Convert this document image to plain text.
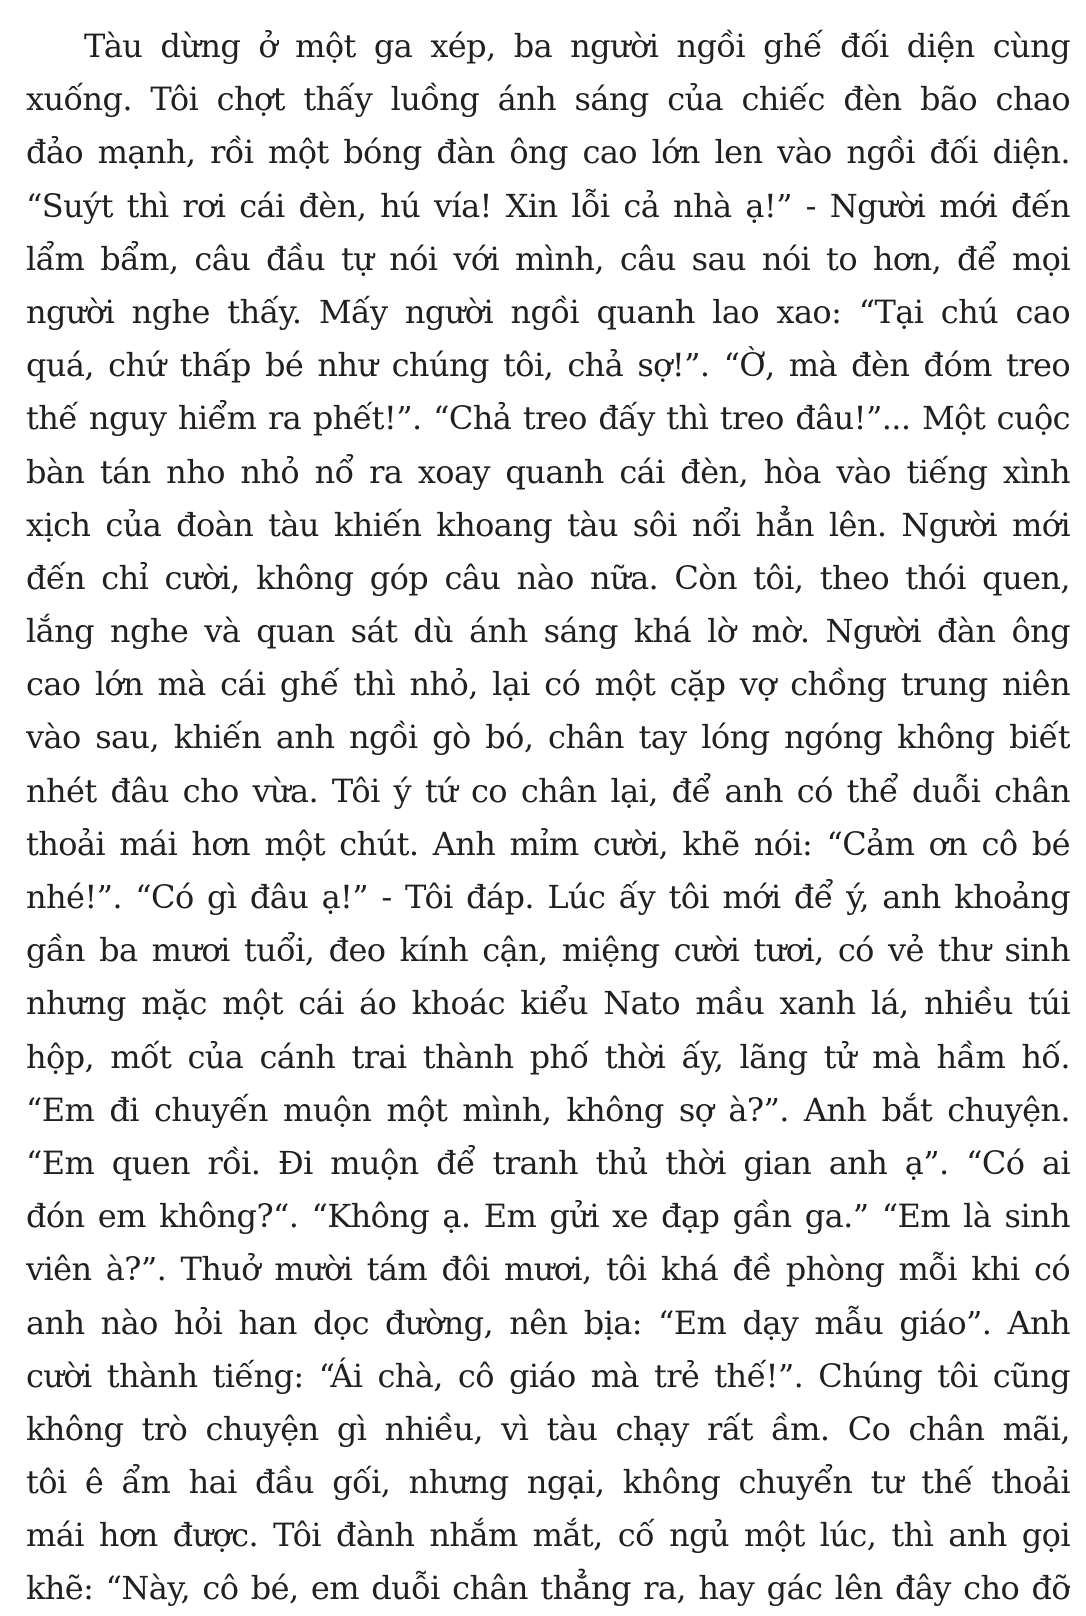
Tàu dừng ở một ga xép, ba người ngồi ghế đối diện cùng
xuống. Tôi chợt thấy luồng ánh sáng của chiếc đèn bão chao
đảo mạnh, rồi một bóng đàn ông cao lớn len vào ngồi đối diện.
“Suýt thì rơi cái đèn, hú vía! Xin lỗi cả nhà ạ!” - Người mới đến
lẩm bẩm, câu đầu tự nói với mình, câu sau nói to hơn, để mọi
người nghe thấy. Mấy người ngồi quanh lao xao: “Tại chú cao
quá, chứ thấp bé như chúng tôi, chả sợ!”. “Ờ, mà đèn đóm treo
thế nguy hiểm ra phết!”. “Chả treo đấy thì treo đâu!”... Một cuộc
bàn tán nho nhỏ nổ ra xoay quanh cái đèn, hòa vào tiếng xình
xịch của đoàn tàu khiến khoang tàu sôi nổi hẳn lên. Người mới
đến chỉ cười, không góp câu nào nữa. Còn tôi, theo thói quen,
lắng nghe và quan sát dù ánh sáng khá lờ mờ. Người đàn ông
cao lớn mà cái ghế thì nhỏ, lại có một cặp vợ chồng trung niên
vào sau, khiến anh ngồi gò bó, chân tay lóng ngóng không biết
nhét đâu cho vừa. Tôi ý tứ co chân lại, để anh có thể duỗi chân
thoải mái hơn một chút. Anh mỉm cười, khẽ nói: “Cảm ơn cô bé
nhé!”. “Có gì đâu ạ!” - Tôi đáp. Lúc ấy tôi mới để ý, anh khoảng
gần ba mươi tuổi, đeo kính cận, miệng cười tươi, có vẻ thư sinh
nhưng mặc một cái áo khoác kiểu Nato mầu xanh lá, nhiều túi
hộp, mốt của cánh trai thành phố thời ấy, lãng tử mà hầm hố.
“Em đi chuyến muộn một mình, không sợ à?”. Anh bắt chuyện.
“Em quen rồi. Đi muộn để tranh thủ thời gian anh ạ”. “Có ai
đón em không?“. “Không ạ. Em gửi xe đạp gần ga.” “Em là sinh
viên à?”. Thuở mười tám đôi mươi, tôi khá đề phòng mỗi khi có
anh nào hỏi han dọc đường, nên bịa: “Em dạy mẫu giáo”. Anh
cười thành tiếng: “Ái chà, cô giáo mà trẻ thế!”. Chúng tôi cũng
không trò chuyện gì nhiều, vì tàu chạy rất ầm. Co chân mãi,
tôi ê ẩm hai đầu gối, nhưng ngại, không chuyển tư thế thoải
mái hơn được. Tôi đành nhắm mắt, cố ngủ một lúc, thì anh gọi
khẽ: “Này, cô bé, em duỗi chân thẳng ra, hay gác lên đây cho đỡ
